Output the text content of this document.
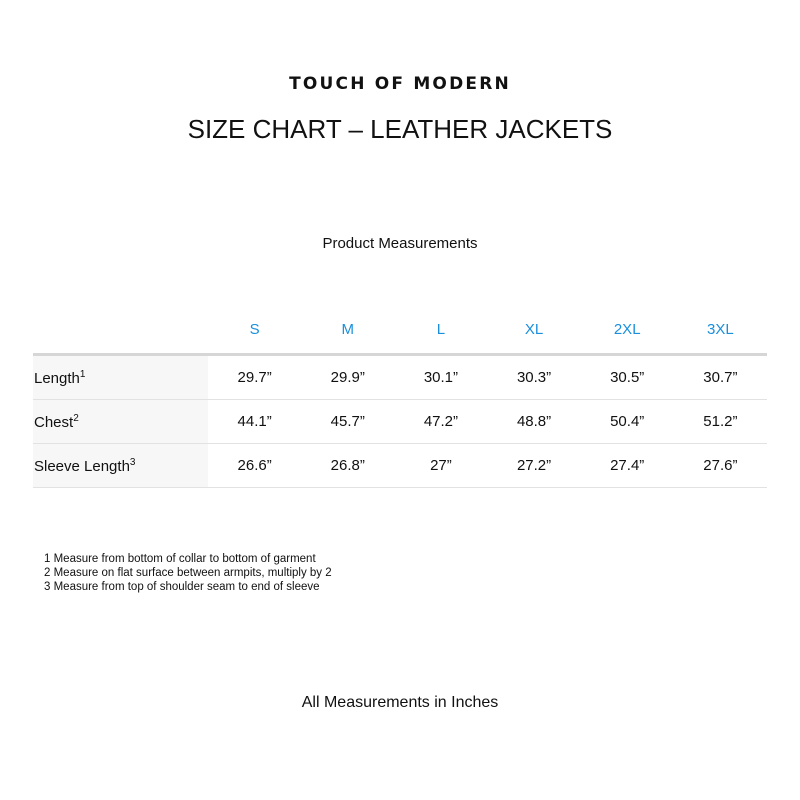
TOUCH OF MODERN
SIZE CHART – LEATHER JACKETS
Product Measurements
	S	M	L	XL	2XL	3XL
Length$^1$	29.7”	29.9”	30.1”	30.3”	30.5”	30.7”
Chest$^2$	44.1”	45.7”	47.2”	48.8”	50.4”	51.2”
Sleeve Length$^3$	26.6”	26.8”	27”	27.2”	27.4”	27.6”
1 Measure from bottom of collar to bottom of garment
2 Measure on flat surface between armpits, multiply by 2
3 Measure from top of shoulder seam to end of sleeve
All Measurements in Inches
